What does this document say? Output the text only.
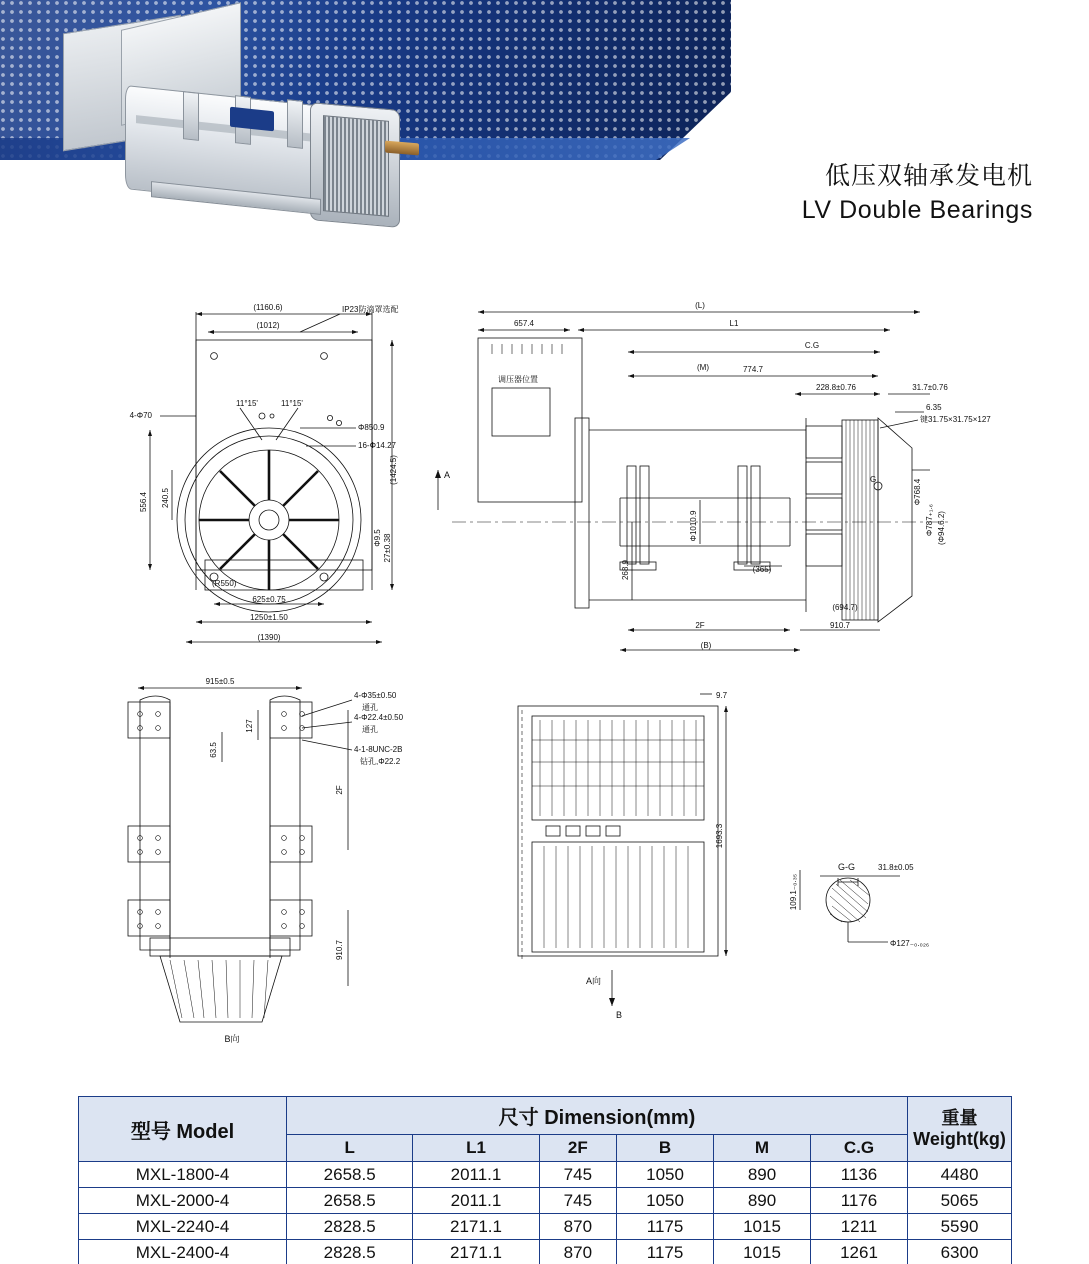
低压双轴承发电机
LV Double Bearings
(1160.6)
(1012)
11°15'	11°15'
Φ850.9
16-Φ14.27
IP23防滴罩选配
(1424.5)
556.4 240.5
4-Φ70
Φ9.5 27±0.38
(R550)
625±0.75
1250±1.50
(1390)
A
(L)
657.4	L1
C.G
774.7
(M)
228.8±0.76	31.7±0.76
6.35
键31.75×31.75×127
调压器位置
G	Φ768.4
Φ787₊₁.₆ (Φ94.6.2)
Φ1010.9
268.9	(365)
(694.7)
2F	910.7
(B)
915±0.5
4-Φ35±0.50
通孔
4-Φ22.4±0.50
通孔
4-1-8UNC-2B
钻孔,Φ22.2
127
63.5
2F
910.7
B向
9.7
1693.3
A向
B
G-G	31.8±0.05
Φ127₋₀.₀₂₆
109.1₋₀.₃₅
型号 Model	尺寸 Dimension(mm)						重量
Weight(kg)

	L	L1	2F	B	M	C.G	
MXL-1800-4	2658.5	2011.1	745	1050	890	1136	4480
MXL-2000-4	2658.5	2011.1	745	1050	890	1176	5065
MXL-2240-4	2828.5	2171.1	870	1175	1015	1211	5590
MXL-2400-4	2828.5	2171.1	870	1175	1015	1261	6300
